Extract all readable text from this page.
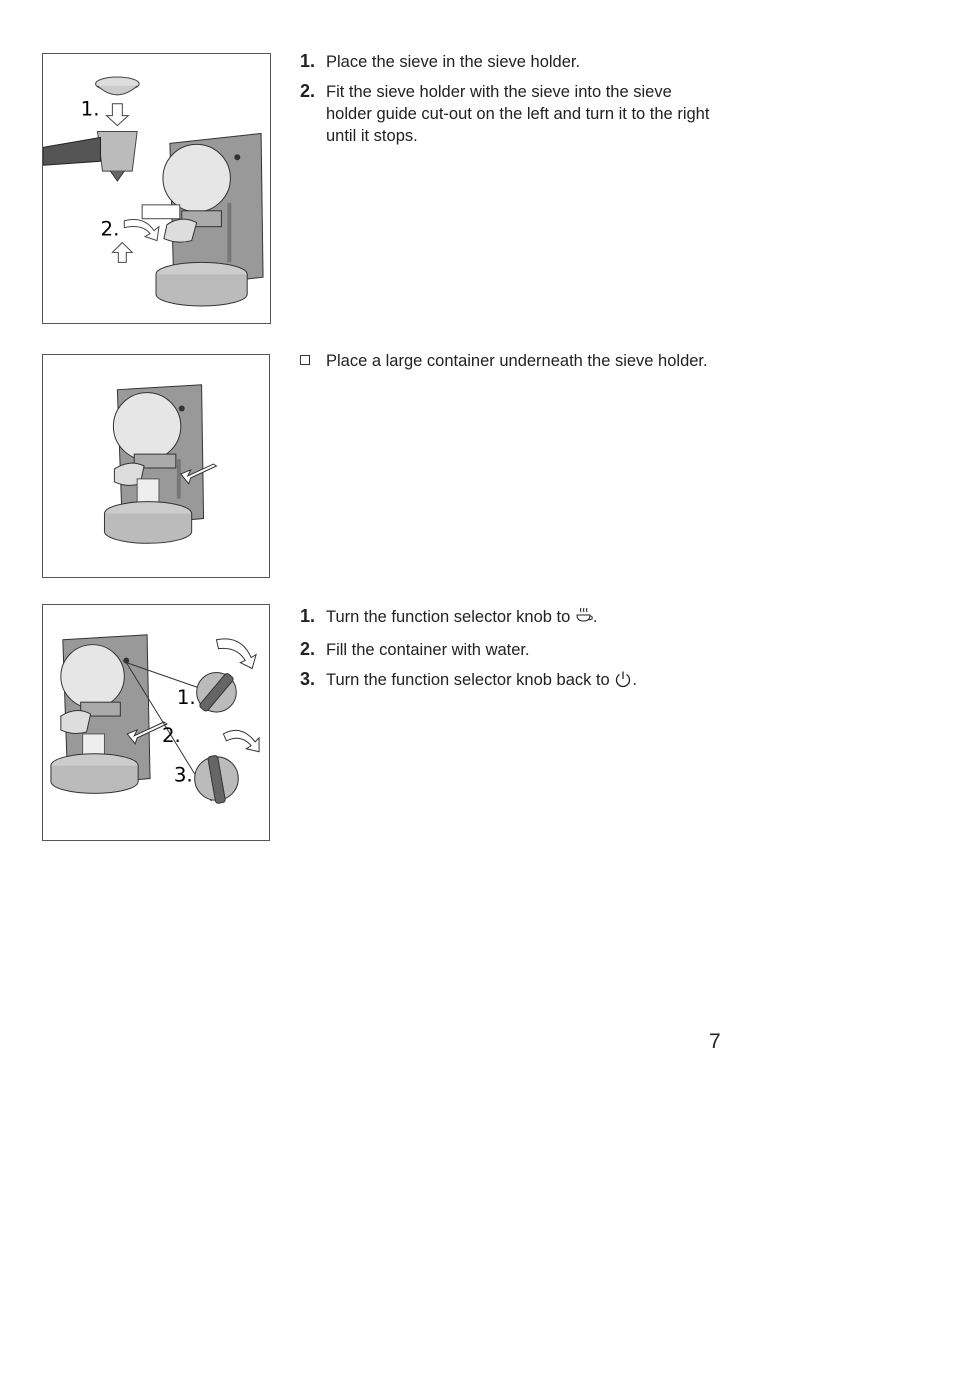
1.
2.
1. Place the sieve in the sieve holder.
2. Fit the sieve holder with the sieve into the sieve holder guide cut-out on the left and turn it to the right until it stops.
Place a large container underneath the sieve holder.
1.
2.
3.
1. Turn the function selector knob to .
2. Fill the container with water.
3. Turn the function selector knob back to .
7
